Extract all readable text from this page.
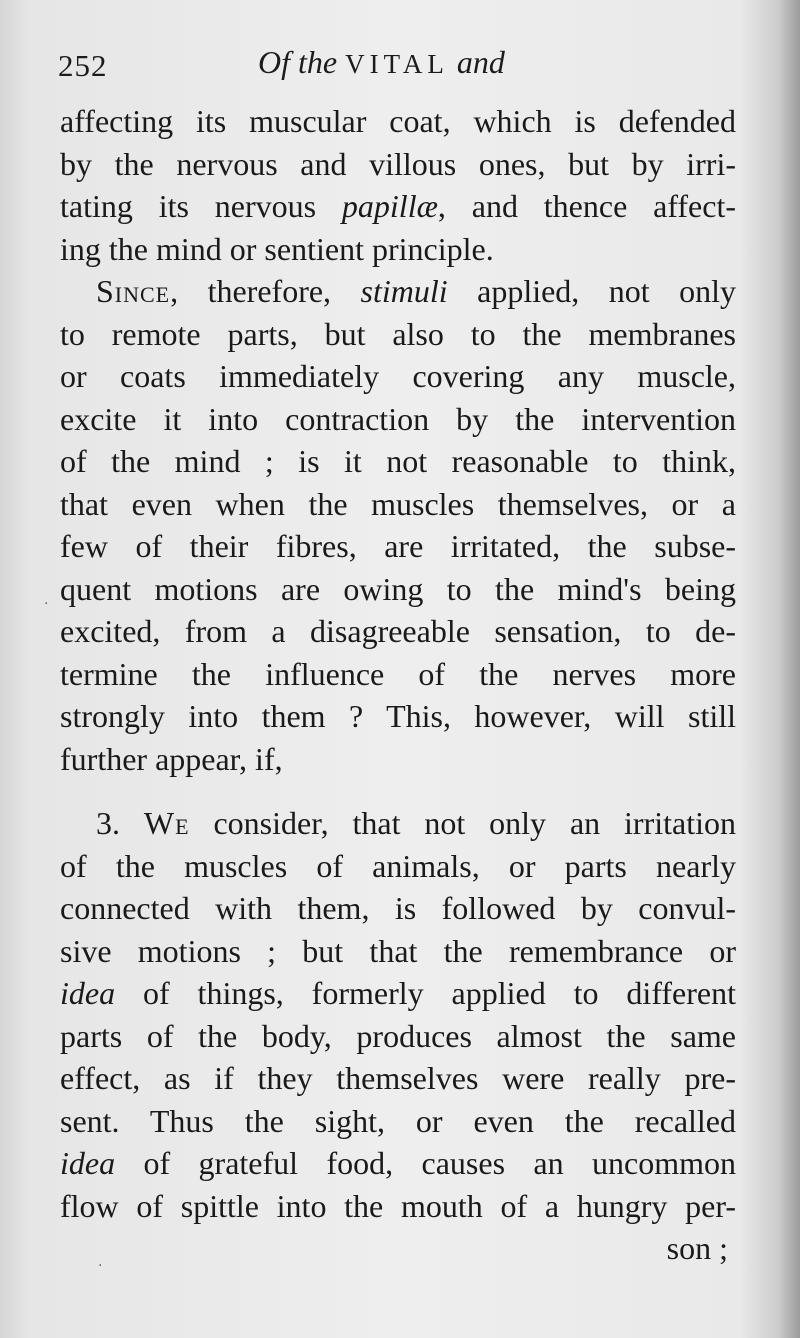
252	Of the VITAL and
affecting its muscular coat, which is defended
by the nervous and villous ones, but by irri-
tating its nervous papillæ, and thence affect-
ing the mind or sentient principle.
Since, therefore, stimuli applied, not only
to remote parts, but also to the membranes
or coats immediately covering any muscle,
excite it into contraction by the intervention
of the mind ; is it not reasonable to think,
that even when the muscles themselves, or a
few of their fibres, are irritated, the subse-
quent motions are owing to the mind's being
excited, from a disagreeable sensation, to de-
termine the influence of the nerves more
strongly into them ? This, however, will still
further appear, if,
3. We consider, that not only an irritation
of the muscles of animals, or parts nearly
connected with them, is followed by convul-
sive motions ; but that the remembrance or
idea of things, formerly applied to different
parts of the body, produces almost the same
effect, as if they themselves were really pre-
sent. Thus the sight, or even the recalled
idea of grateful food, causes an uncommon
flow of spittle into the mouth of a hungry per-
son ;
·
·
